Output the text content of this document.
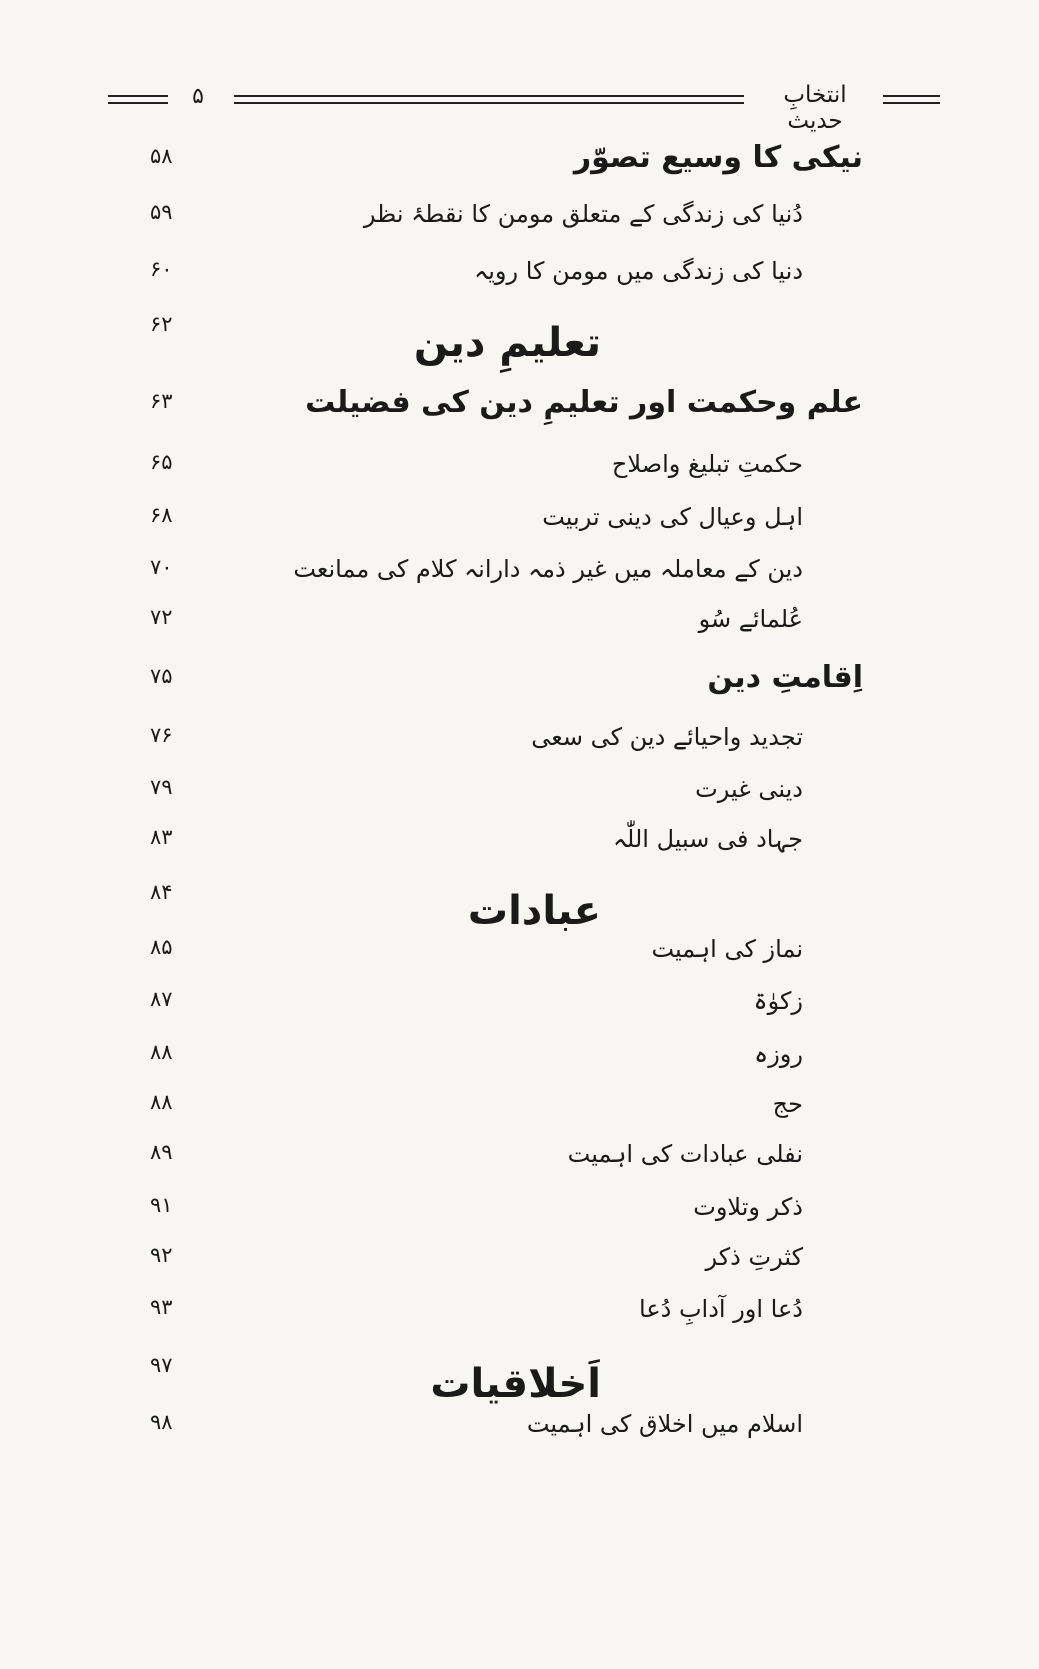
۵	انتخابِ حدیث
۵۸	نیکی کا وسیع تصوّر
۵۹	دُنیا کی زندگی کے متعلق مومن کا نقطۂ نظر
۶۰	دنیا کی زندگی میں مومن کا رویہ
۶۲	تعلیمِ دین
۶۳	علم وحکمت اور تعلیمِ دین کی فضیلت
۶۵	حکمتِ تبلیغ واصلاح
۶۸	اہل وعیال کی دینی تربیت
۷۰	دین کے معاملہ میں غیر ذمہ دارانہ کلام کی ممانعت
۷۲	عُلمائے سُو
۷۵	اِقامتِ دین
۷۶	تجدید واحیائے دین کی سعی
۷۹	دینی غیرت
۸۳	جہاد فی سبیل اللّٰہ
۸۴	عبادات
۸۵	نماز کی اہمیت
۸۷	زکوٰۃ
۸۸	روزہ
۸۸	حج
۸۹	نفلی عبادات کی اہمیت
۹۱	ذکر وتلاوت
۹۲	کثرتِ ذکر
۹۳	دُعا اور آدابِ دُعا
۹۷	اَخلاقیات
۹۸	اسلام میں اخلاق کی اہمیت
